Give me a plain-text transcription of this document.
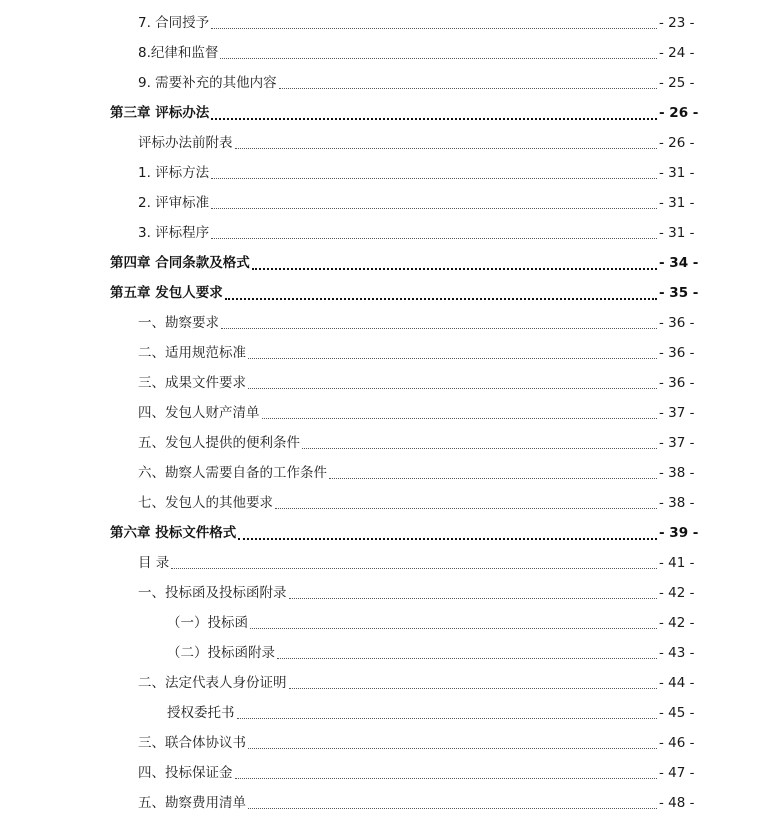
7. 合同授予	- 23 -
8.纪律和监督	- 24 -
9. 需要补充的其他内容	- 25 -
第三章 评标办法	- 26 -
评标办法前附表	- 26 -
1. 评标方法	- 31 -
2. 评审标准	- 31 -
3. 评标程序	- 31 -
第四章 合同条款及格式	- 34 -
第五章 发包人要求	- 35 -
一、勘察要求	- 36 -
二、适用规范标准	- 36 -
三、成果文件要求	- 36 -
四、发包人财产清单	- 37 -
五、发包人提供的便利条件	- 37 -
六、勘察人需要自备的工作条件	- 38 -
七、发包人的其他要求	- 38 -
第六章 投标文件格式	- 39 -
目 录	- 41 -
一、投标函及投标函附录	- 42 -
（一）投标函	- 42 -
（二）投标函附录	- 43 -
二、法定代表人身份证明	- 44 -
授权委托书	- 45 -
三、联合体协议书	- 46 -
四、投标保证金	- 47 -
五、勘察费用清单	- 48 -
